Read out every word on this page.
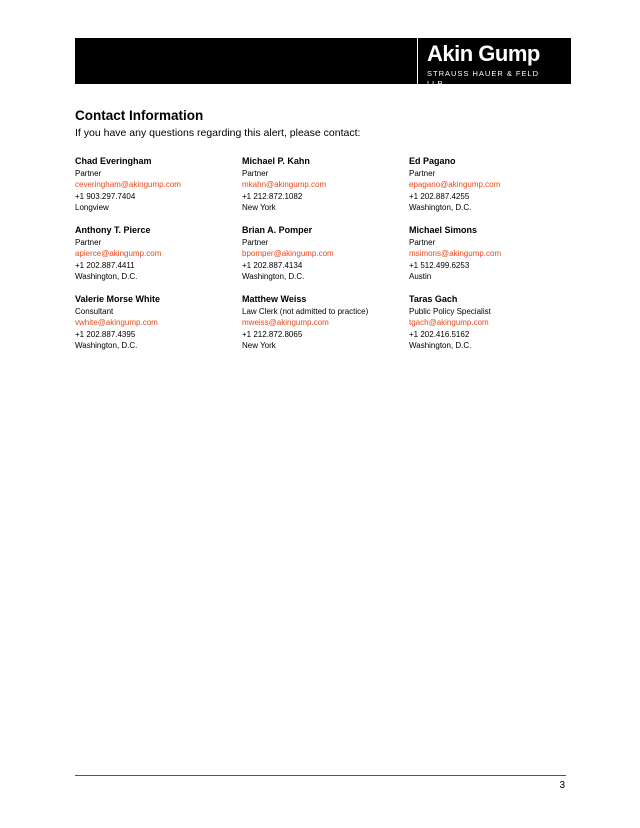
Akin Gump
STRAUSS HAUER & FELD LLP
Contact Information

If you have any questions regarding this alert, please contact:

Chad Everingham
Partner
ceveringham@akingump.com
+1 903.297.7404
Longview
Michael P. Kahn
Partner
mkahn@akingump.com
+1 212.872.1082
New York
Ed Pagano
Partner
epagano@akingump.com
+1 202.887.4255
Washington, D.C.
Anthony T. Pierce
Partner
apierce@akingump.com
+1 202.887.4411
Washington, D.C.
Brian A. Pomper
Partner
bpomper@akingump.com
+1 202.887.4134
Washington, D.C.
Michael Simons
Partner
msimons@akingump.com
+1 512.499.6253
Austin
Valerie Morse White
Consultant
vwhite@akingump.com
+1 202.887.4395
Washington, D.C.
Matthew Weiss
Law Clerk (not admitted to practice)
mweiss@akingump.com
+1 212.872.8065
New York
Taras Gach
Public Policy Specialist
tgach@akingump.com
+1 202.416.5162
Washington, D.C.
3
